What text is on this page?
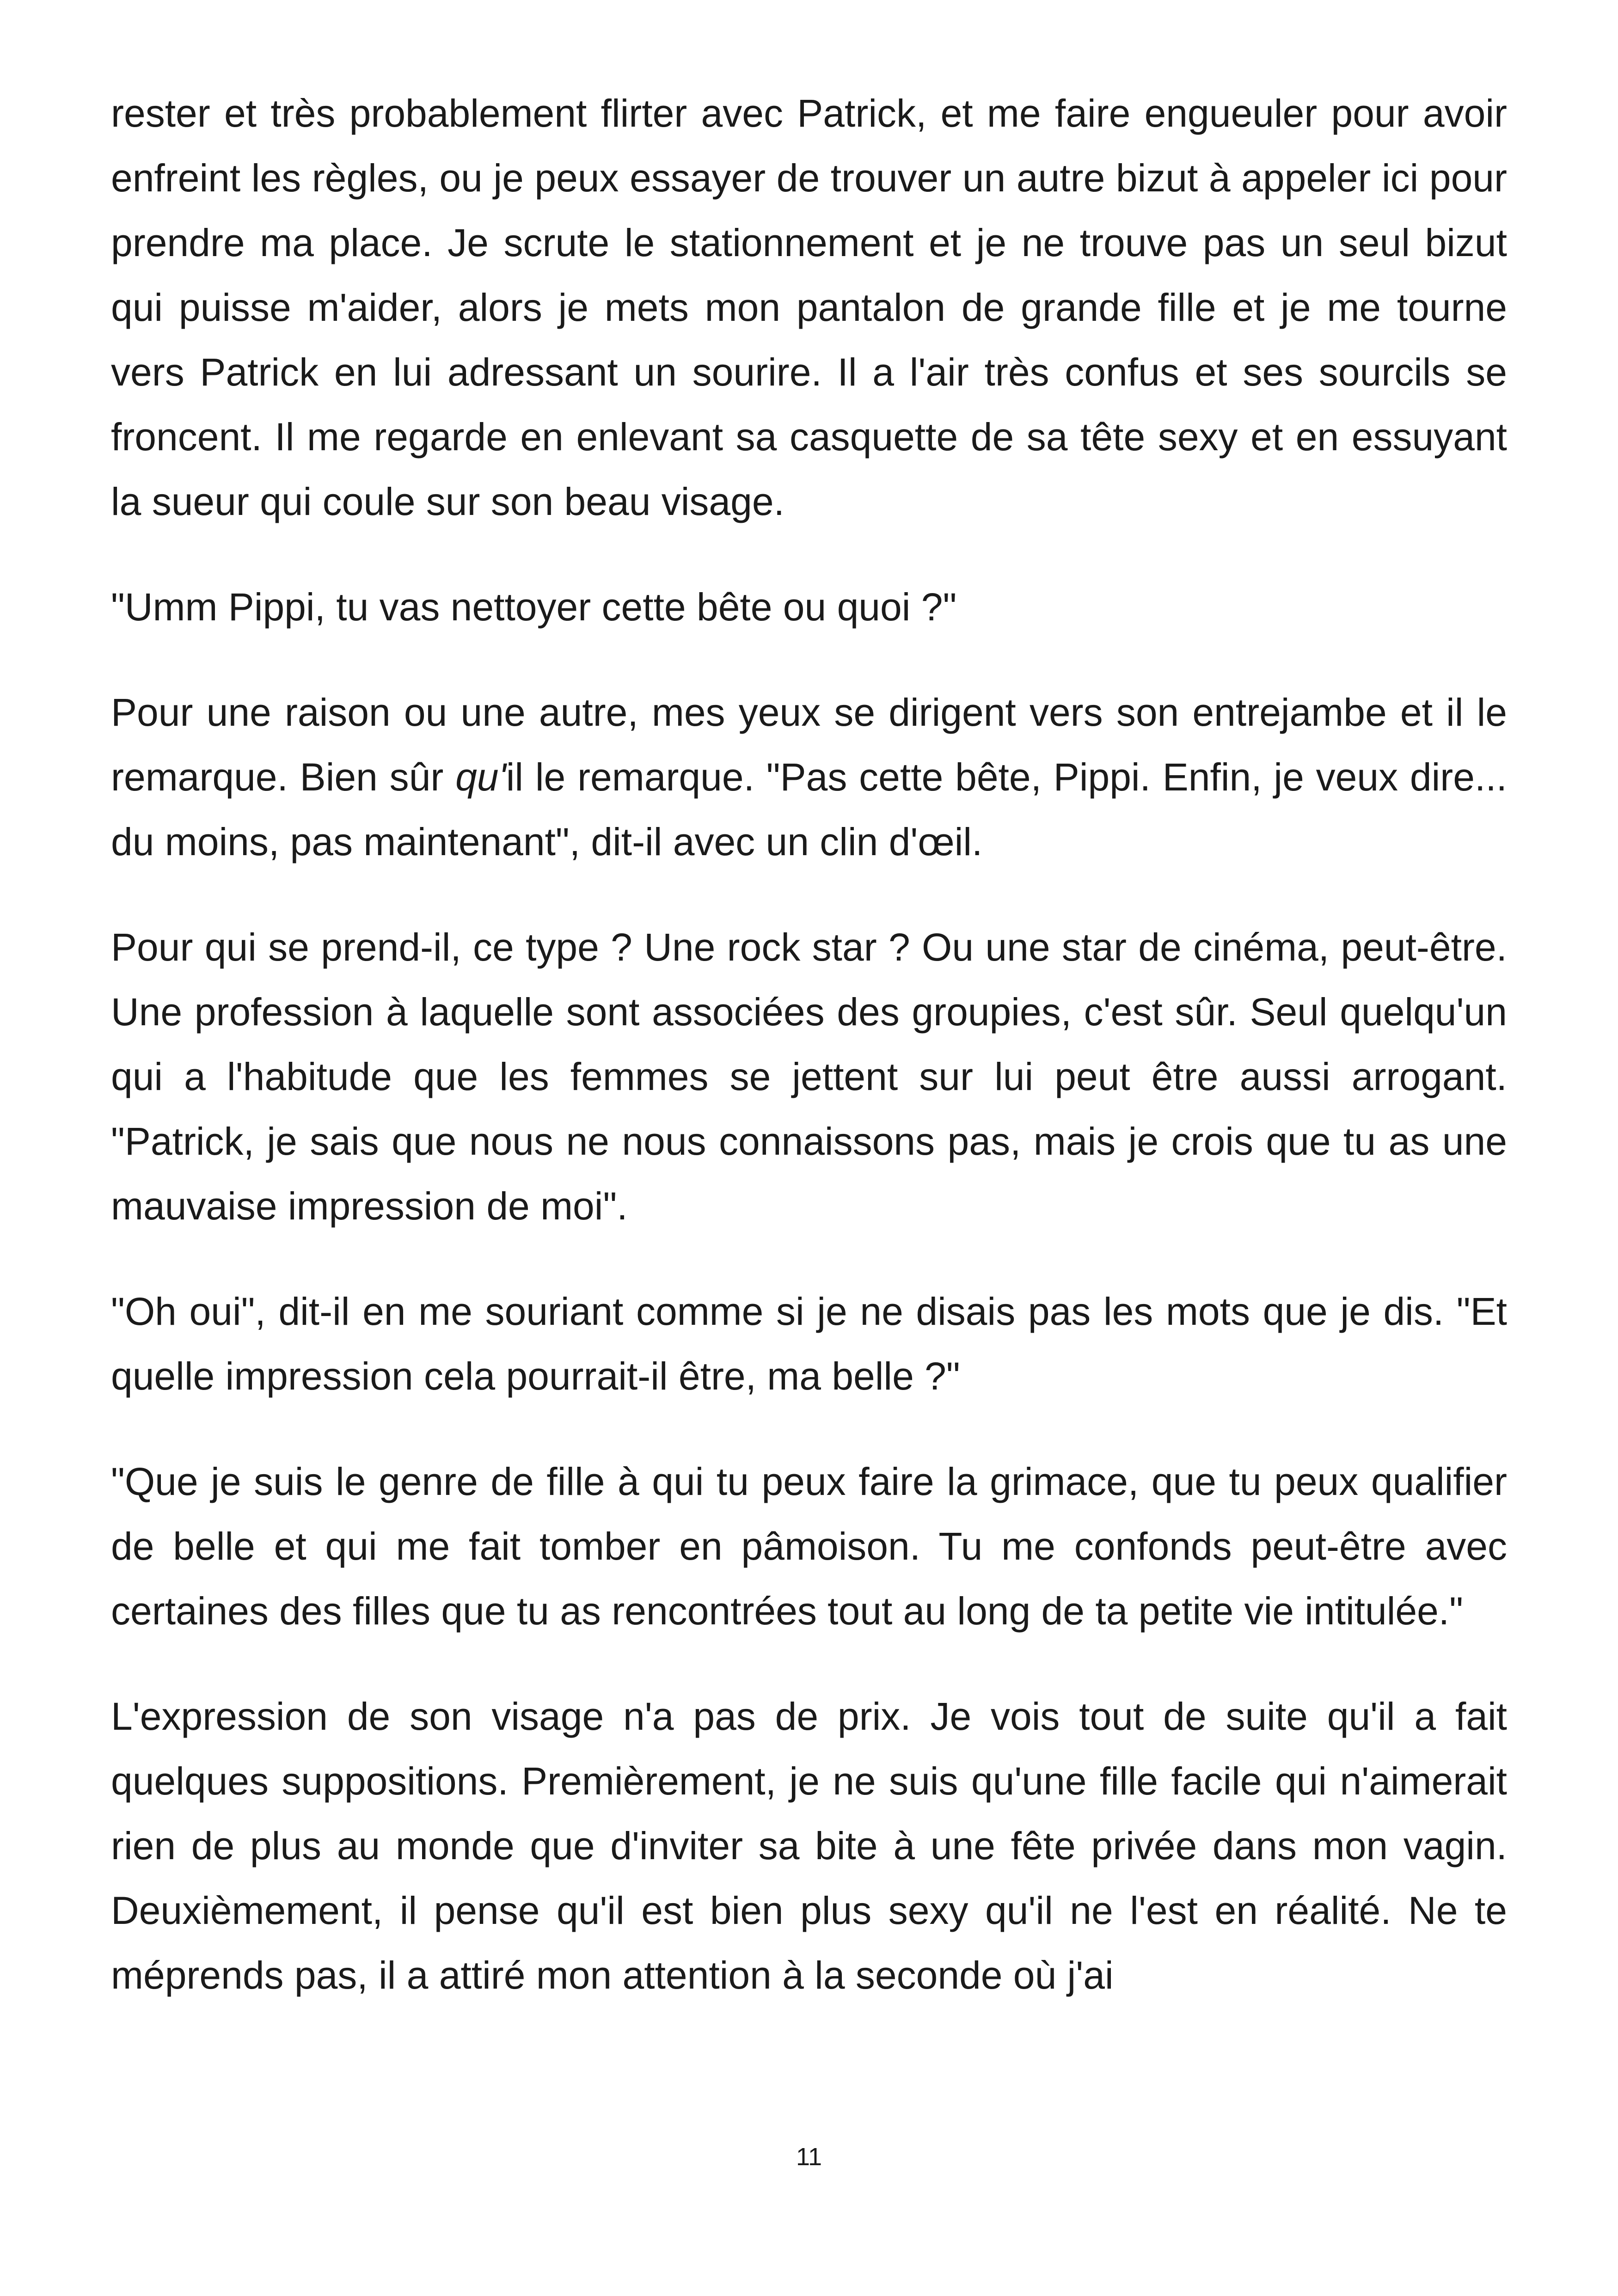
rester et très probablement flirter avec Patrick, et me faire engueuler pour avoir enfreint les règles, ou je peux essayer de trouver un autre bizut à appeler ici pour prendre ma place. Je scrute le stationnement et je ne trouve pas un seul bizut qui puisse m'aider, alors je mets mon pantalon de grande fille et je me tourne vers Patrick en lui adressant un sourire. Il a l'air très confus et ses sourcils se froncent. Il me regarde en enlevant sa casquette de sa tête sexy et en essuyant la sueur qui coule sur son beau visage.

"Umm Pippi, tu vas nettoyer cette bête ou quoi ?"

Pour une raison ou une autre, mes yeux se dirigent vers son entrejambe et il le remarque. Bien sûr qu'il le remarque. "Pas cette bête, Pippi. Enfin, je veux dire... du moins, pas maintenant", dit-il avec un clin d'œil.

Pour qui se prend-il, ce type ? Une rock star ? Ou une star de cinéma, peut-être. Une profession à laquelle sont associées des groupies, c'est sûr. Seul quelqu'un qui a l'habitude que les femmes se jettent sur lui peut être aussi arrogant. "Patrick, je sais que nous ne nous connaissons pas, mais je crois que tu as une mauvaise impression de moi".

"Oh oui", dit-il en me souriant comme si je ne disais pas les mots que je dis. "Et quelle impression cela pourrait-il être, ma belle ?"

"Que je suis le genre de fille à qui tu peux faire la grimace, que tu peux qualifier de belle et qui me fait tomber en pâmoison. Tu me confonds peut-être avec certaines des filles que tu as rencontrées tout au long de ta petite vie intitulée."

L'expression de son visage n'a pas de prix. Je vois tout de suite qu'il a fait quelques suppositions. Premièrement, je ne suis qu'une fille facile qui n'aimerait rien de plus au monde que d'inviter sa bite à une fête privée dans mon vagin. Deuxièmement, il pense qu'il est bien plus sexy qu'il ne l'est en réalité. Ne te méprends pas, il a attiré mon attention à la seconde où j'ai

11
